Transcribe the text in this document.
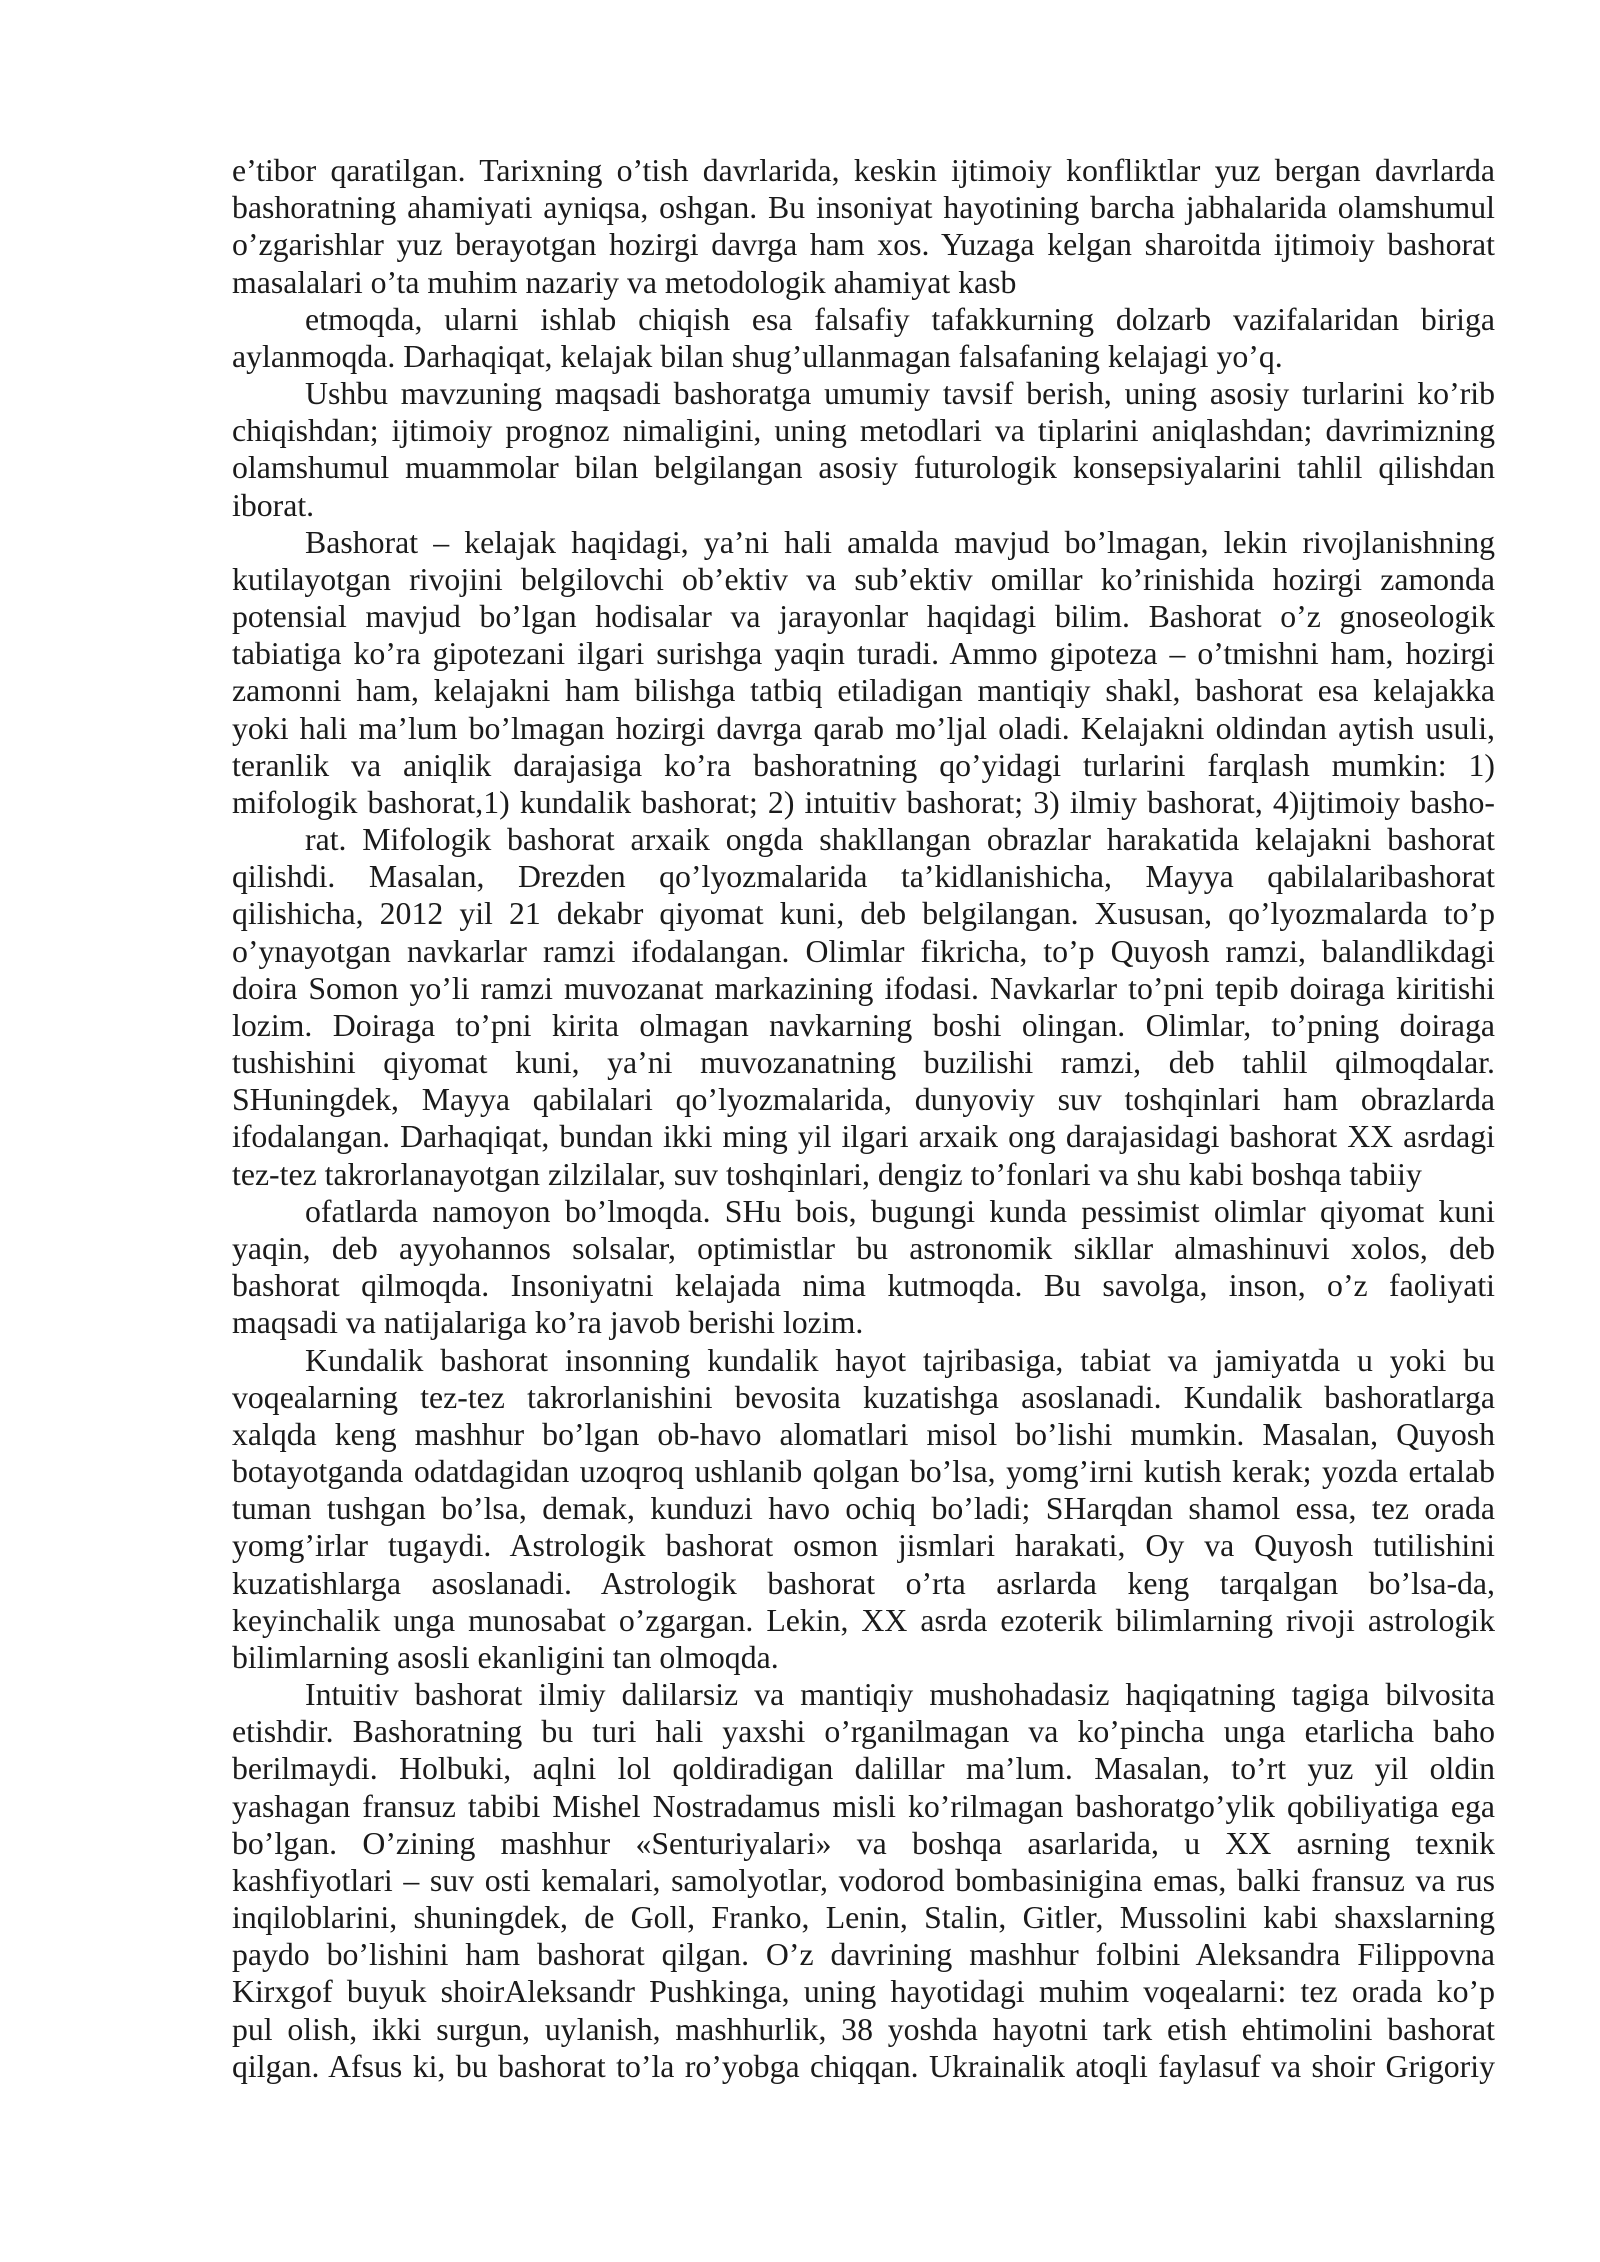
e’tibor qaratilgan. Tarixning o’tish davrlarida, keskin ijtimoiy konfliktlar yuz bergan davrlarda
bashoratning ahamiyati ayniqsa, oshgan. Bu insoniyat hayotining barcha jabhalarida olamshumul
o’zgarishlar yuz berayotgan hozirgi davrga ham xos. Yuzaga kelgan sharoitda ijtimoiy bashorat
masalalari o’ta muhim nazariy va metodologik ahamiyat kasb
etmoqda, ularni ishlab chiqish esa falsafiy tafakkurning dolzarb vazifalaridan biriga
aylanmoqda. Darhaqiqat, kelajak bilan shug’ullanmagan falsafaning kelajagi yo’q.
Ushbu mavzuning maqsadi bashoratga umumiy tavsif berish, uning asosiy turlarini ko’rib
chiqishdan; ijtimoiy prognoz nimaligini, uning metodlari va tiplarini aniqlashdan; davrimizning
olamshumul muammolar bilan belgilangan asosiy futurologik konsepsiyalarini tahlil qilishdan
iborat.
Bashorat – kelajak haqidagi, ya’ni hali amalda mavjud bo’lmagan, lekin rivojlanishning
kutilayotgan rivojini belgilovchi ob’ektiv va sub’ektiv omillar ko’rinishida hozirgi zamonda
potensial mavjud bo’lgan hodisalar va jarayonlar haqidagi bilim. Bashorat o’z gnoseologik
tabiatiga ko’ra gipotezani ilgari surishga yaqin turadi. Ammo gipoteza – o’tmishni ham, hozirgi
zamonni ham, kelajakni ham bilishga tatbiq etiladigan mantiqiy shakl, bashorat esa kelajakka
yoki hali ma’lum bo’lmagan hozirgi davrga qarab mo’ljal oladi. Kelajakni oldindan aytish usuli,
teranlik va aniqlik darajasiga ko’ra bashoratning qo’yidagi turlarini farqlash mumkin: 1)
mifologik bashorat,1) kundalik bashorat; 2) intuitiv bashorat; 3) ilmiy bashorat, 4)ijtimoiy basho-
rat. Mifologik bashorat arxaik ongda shakllangan obrazlar harakatida kelajakni bashorat
qilishdi. Masalan, Drezden qo’lyozmalarida ta’kidlanishicha, Mayya qabilalaribashorat
qilishicha, 2012 yil 21 dekabr qiyomat kuni, deb belgilangan. Xususan, qo’lyozmalarda to’p
o’ynayotgan navkarlar ramzi ifodalangan. Olimlar fikricha, to’p Quyosh ramzi, balandlikdagi
doira Somon yo’li ramzi muvozanat markazining ifodasi. Navkarlar to’pni tepib doiraga kiritishi
lozim. Doiraga to’pni kirita olmagan navkarning boshi olingan. Olimlar, to’pning doiraga
tushishini qiyomat kuni, ya’ni muvozanatning buzilishi ramzi, deb tahlil qilmoqdalar.
SHuningdek, Mayya qabilalari qo’lyozmalarida, dunyoviy suv toshqinlari ham obrazlarda
ifodalangan. Darhaqiqat, bundan ikki ming yil ilgari arxaik ong darajasidagi bashorat XX asrdagi
tez-tez takrorlanayotgan zilzilalar, suv toshqinlari, dengiz to’fonlari va shu kabi boshqa tabiiy
ofatlarda namoyon bo’lmoqda. SHu bois, bugungi kunda pessimist olimlar qiyomat kuni
yaqin, deb ayyohannos solsalar, optimistlar bu astronomik sikllar almashinuvi xolos, deb
bashorat qilmoqda. Insoniyatni kelajada nima kutmoqda. Bu savolga, inson, o’z faoliyati
maqsadi va natijalariga ko’ra javob berishi lozim.
Kundalik bashorat insonning kundalik hayot tajribasiga, tabiat va jamiyatda u yoki bu
voqealarning tez-tez takrorlanishini bevosita kuzatishga asoslanadi. Kundalik bashoratlarga
xalqda keng mashhur bo’lgan ob-havo alomatlari misol bo’lishi mumkin. Masalan, Quyosh
botayotganda odatdagidan uzoqroq ushlanib qolgan bo’lsa, yomg’irni kutish kerak; yozda ertalab
tuman tushgan bo’lsa, demak, kunduzi havo ochiq bo’ladi; SHarqdan shamol essa, tez orada
yomg’irlar tugaydi. Astrologik bashorat osmon jismlari harakati, Oy va Quyosh tutilishini
kuzatishlarga asoslanadi. Astrologik bashorat o’rta asrlarda keng tarqalgan bo’lsa-da,
keyinchalik unga munosabat o’zgargan. Lekin, XX asrda ezoterik bilimlarning rivoji astrologik
bilimlarning asosli ekanligini tan olmoqda.
Intuitiv bashorat ilmiy dalilarsiz va mantiqiy mushohadasiz haqiqatning tagiga bilvosita
etishdir. Bashoratning bu turi hali yaxshi o’rganilmagan va ko’pincha unga etarlicha baho
berilmaydi. Holbuki, aqlni lol qoldiradigan dalillar ma’lum. Masalan, to’rt yuz yil oldin
yashagan fransuz tabibi Mishel Nostradamus misli ko’rilmagan bashoratgo’ylik qobiliyatiga ega
bo’lgan. O’zining mashhur «Senturiyalari» va boshqa asarlarida, u XX asrning texnik
kashfiyotlari – suv osti kemalari, samolyotlar, vodorod bombasinigina emas, balki fransuz va rus
inqiloblarini, shuningdek, de Goll, Franko, Lenin, Stalin, Gitler, Mussolini kabi shaxslarning
paydo bo’lishini ham bashorat qilgan. O’z davrining mashhur folbini Aleksandra Filippovna
Kirxgof buyuk shoirAleksandr Pushkinga, uning hayotidagi muhim voqealarni: tez orada ko’p
pul olish, ikki surgun, uylanish, mashhurlik, 38 yoshda hayotni tark etish ehtimolini bashorat
qilgan. Afsus ki, bu bashorat to’la ro’yobga chiqqan. Ukrainalik atoqli faylasuf va shoir Grigoriy
